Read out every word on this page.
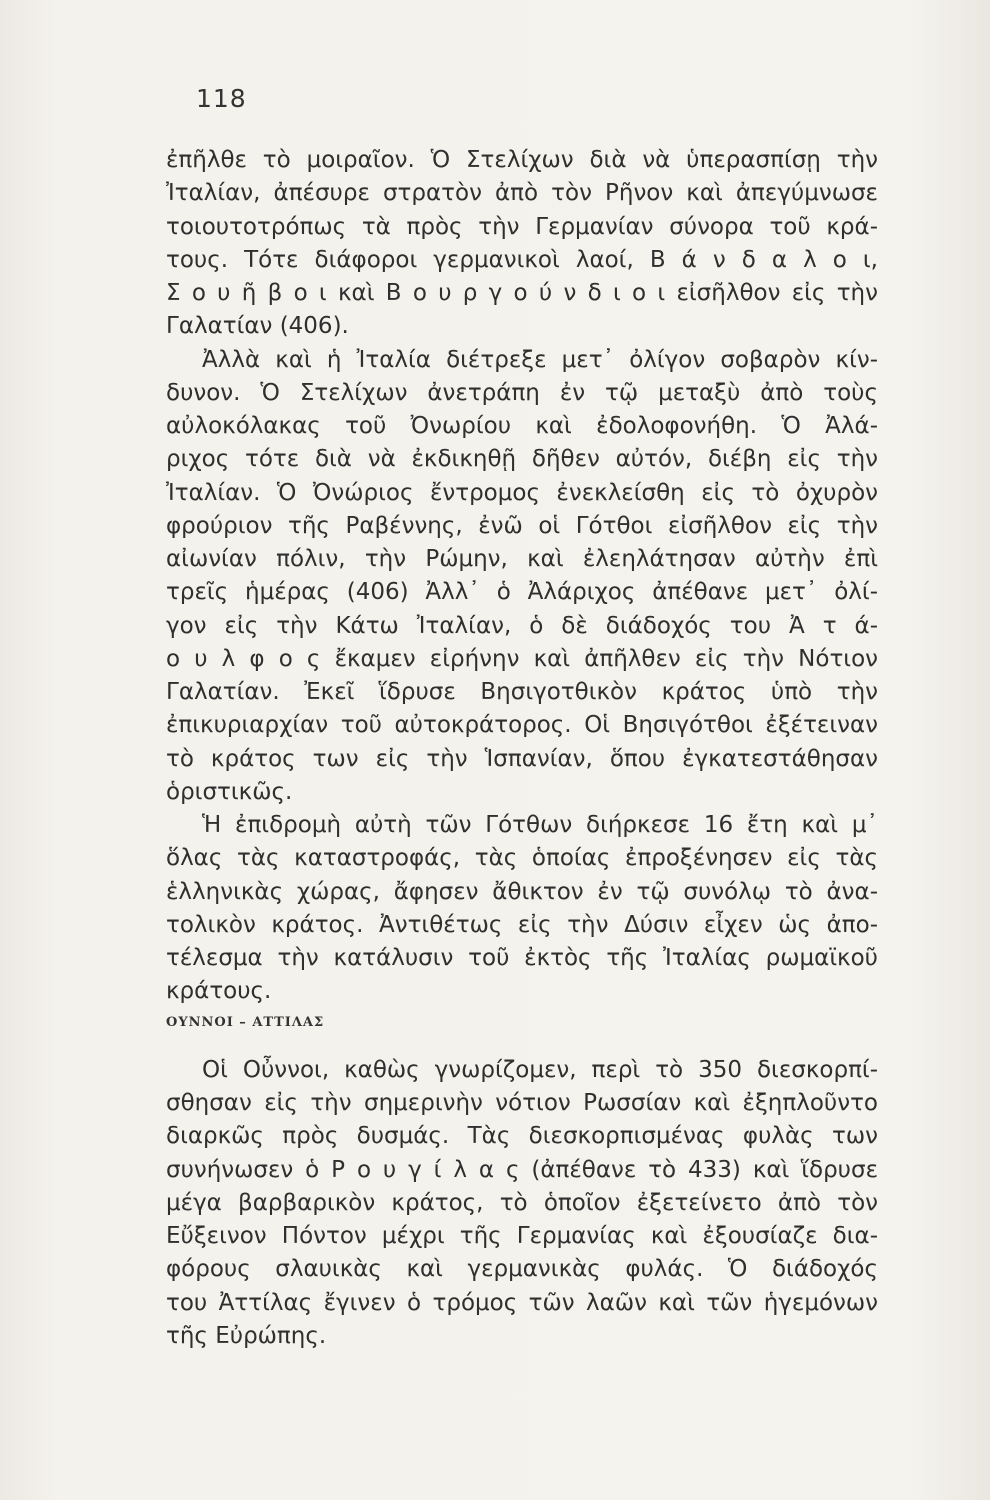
118
ἐπῆλθε τὸ μοιραῖον. Ὁ Στελίχων διὰ νὰ ὑπερασπίσῃ τὴν
Ἰταλίαν, ἀπέσυρε στρατὸν ἀπὸ τὸν Ρῆνον καὶ ἀπεγύμνωσε
τοιουτοτρόπως τὰ πρὸς τὴν Γερμανίαν σύνορα τοῦ κρά-
τους. Τότε διάφοροι γερμανικοὶ λαοί, Β ά ν δ α λ ο ι,
Σ ο υ ῆ β ο ι καὶ Β ο υ ρ γ ο ύ ν δ ι ο ι εἰσῆλθον εἰς τὴν
Γαλατίαν (406).
Ἀλλὰ καὶ ἡ Ἰταλία διέτρεξε μετ᾽ ὀλίγον σοβαρὸν κίν-
δυνον. Ὁ Στελίχων ἀνετράπη ἐν τῷ μεταξὺ ἀπὸ τοὺς
αὐλοκόλακας τοῦ Ὀνωρίου καὶ ἐδολοφονήθη. Ὁ Ἀλά-
ριχος τότε διὰ νὰ ἐκδικηθῇ δῆθεν αὐτόν, διέβη εἰς τὴν
Ἰταλίαν. Ὁ Ὀνώριος ἔντρομος ἐνεκλείσθη εἰς τὸ ὀχυρὸν
φρούριον τῆς Ραβέννης, ἐνῶ οἱ Γότθοι εἰσῆλθον εἰς τὴν
αἰωνίαν πόλιν, τὴν Ρώμην, καὶ ἐλεηλάτησαν αὐτὴν ἐπὶ
τρεῖς ἡμέρας (406) Ἀλλ᾽ ὁ Ἀλάριχος ἀπέθανε μετ᾽ ὀλί-
γον εἰς τὴν Κάτω Ἰταλίαν, ὁ δὲ διάδοχός του Ἀ τ ά-
ο υ λ φ ο ς ἔκαμεν εἰρήνην καὶ ἀπῆλθεν εἰς τὴν Νότιον
Γαλατίαν. Ἐκεῖ ἵδρυσε Βησιγοτθικὸν κράτος ὑπὸ τὴν
ἐπικυριαρχίαν τοῦ αὐτοκράτορος. Οἱ Βησιγότθοι ἐξέτειναν
τὸ κράτος των εἰς τὴν Ἱσπανίαν, ὅπου ἐγκατεστάθησαν
ὁριστικῶς.
Ἡ ἐπιδρομὴ αὐτὴ τῶν Γότθων διήρκεσε 16 ἔτη καὶ μ᾽
ὅλας τὰς καταστροφάς, τὰς ὁποίας ἐπροξένησεν εἰς τὰς
ἑλληνικὰς χώρας, ἄφησεν ἄθικτον ἐν τῷ συνόλῳ τὸ ἀνα-
τολικὸν κράτος. Ἀντιθέτως εἰς τὴν Δύσιν εἶχεν ὡς ἀπο-
τέλεσμα τὴν κατάλυσιν τοῦ ἐκτὸς τῆς Ἰταλίας ρωμαϊκοῦ
κράτους.
ΟΥΝΝΟΙ – ΑΤΤΙΛΑΣ
Οἱ Οὖννοι, καθὼς γνωρίζομεν, περὶ τὸ 350 διεσκορπί-
σθησαν εἰς τὴν σημερινὴν νότιον Ρωσσίαν καὶ ἐξηπλοῦντο
διαρκῶς πρὸς δυσμάς. Τὰς διεσκορπισμένας φυλὰς των
συνήνωσεν ὁ Ρ ο υ γ ί λ α ς (ἀπέθανε τὸ 433) καὶ ἵδρυσε
μέγα βαρβαρικὸν κράτος, τὸ ὁποῖον ἐξετείνετο ἀπὸ τὸν
Εὔξεινον Πόντον μέχρι τῆς Γερμανίας καὶ ἐξουσίαζε δια-
φόρους σλαυικὰς καὶ γερμανικὰς φυλάς. Ὁ διάδοχός
του Ἀττίλας ἔγινεν ὁ τρόμος τῶν λαῶν καὶ τῶν ἡγεμόνων
τῆς Εὐρώπης.
